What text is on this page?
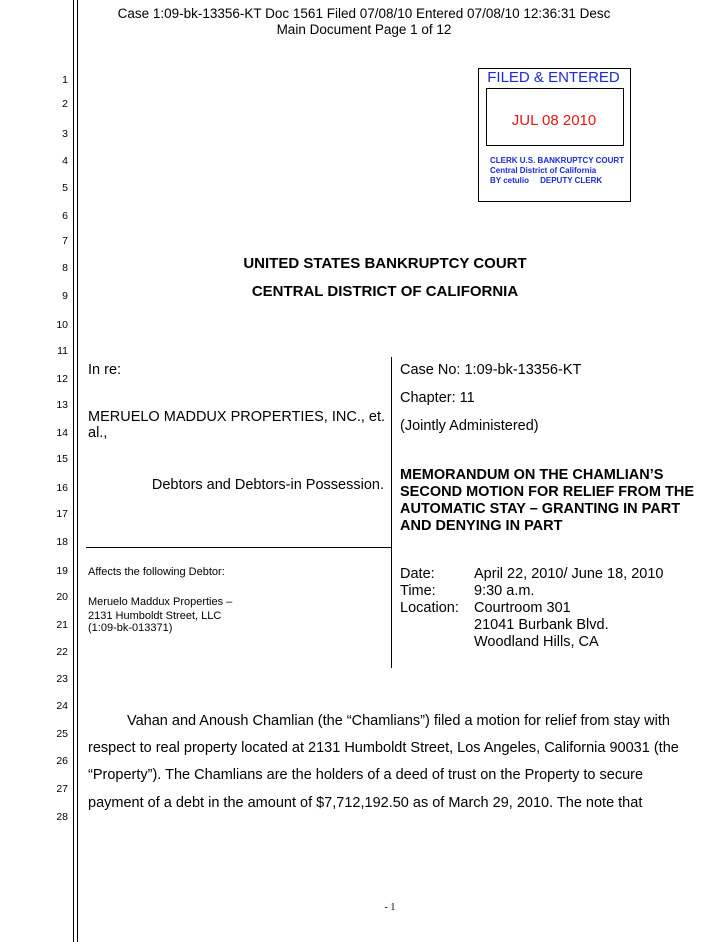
Case 1:09-bk-13356-KT Doc 1561 Filed 07/08/10 Entered 07/08/10 12:36:31 Desc
Main Document Page 1 of 12
1
2
3
4
5
6
7
8
9
10
11
12
13
14
15
16
17
18
19
20
21
22
23
24
25
26
27
28
FILED & ENTERED
JUL 08 2010
CLERK U.S. BANKRUPTCY COURT
Central District of California
BY cetulio DEPUTY CLERK
UNITED STATES BANKRUPTCY COURT
CENTRAL DISTRICT OF CALIFORNIA
In re:
MERUELO MADDUX PROPERTIES, INC., et.
al.,
Debtors and Debtors-in Possession.
Affects the following Debtor:
Meruelo Maddux Properties –
2131 Humboldt Street, LLC
(1:09-bk-013371)
Case No: 1:09-bk-13356-KT
Chapter: 11
(Jointly Administered)
MEMORANDUM ON THE CHAMLIAN’S
SECOND MOTION FOR RELIEF FROM THE
AUTOMATIC STAY – GRANTING IN PART
AND DENYING IN PART
Date:	April 22, 2010/ June 18, 2010
Time:	9:30 a.m.
Location: Courtroom 301
21041 Burbank Blvd.
Woodland Hills, CA
Vahan and Anoush Chamlian (the “Chamlians”) filed a motion for relief from stay with
respect to real property located at 2131 Humboldt Street, Los Angeles, California 90031 (the
“Property”). The Chamlians are the holders of a deed of trust on the Property to secure
payment of a debt in the amount of $7,712,192.50 as of March 29, 2010. The note that
- 1
